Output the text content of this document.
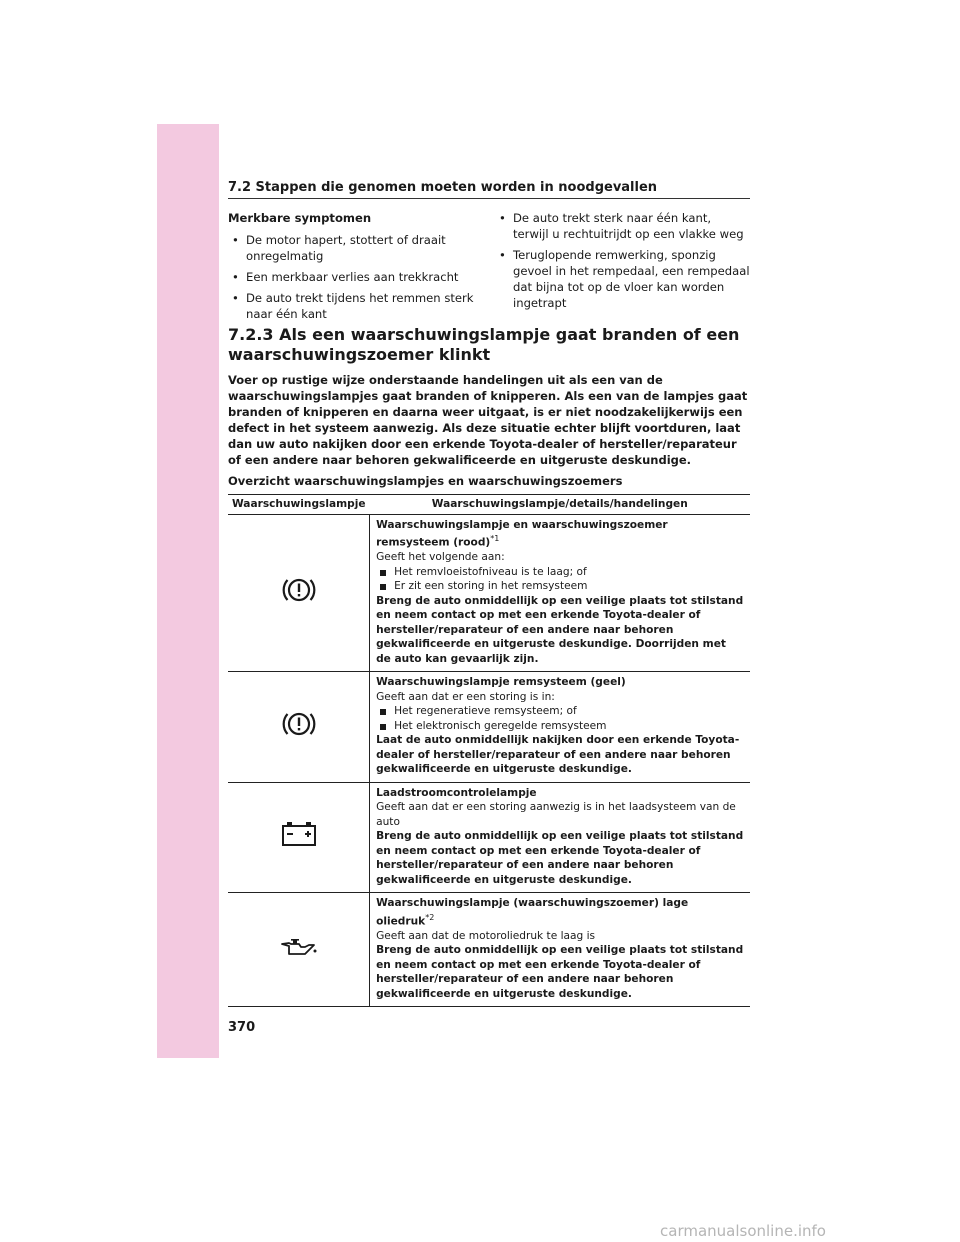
7.2 Stappen die genomen moeten worden in noodgevallen
Merkbare symptomen
• De motor hapert, stottert of draait onregelmatig
• Een merkbaar verlies aan trekkracht
• De auto trekt tijdens het remmen sterk naar één kant
• De auto trekt sterk naar één kant, terwijl u rechtuitrijdt op een vlakke weg
• Teruglopende remwerking, sponzig gevoel in het rempedaal, een rempedaal dat bijna tot op de vloer kan worden ingetrapt
7.2.3 Als een waarschuwingslampje gaat branden of een waarschuwingszoemer klinkt
Voer op rustige wijze onderstaande handelingen uit als een van de waarschuwingslampjes gaat branden of knipperen. Als een van de lampjes gaat branden of knipperen en daarna weer uitgaat, is er niet noodzakelijkerwijs een defect in het systeem aanwezig. Als deze situatie echter blijft voortduren, laat dan uw auto nakijken door een erkende Toyota-dealer of hersteller/reparateur of een andere naar behoren gekwalificeerde en uitgeruste deskundige.
Overzicht waarschuwingslampjes en waarschuwingszoemers
Waarschuwingslampje	Waarschuwingslampje/details/handelingen
	Waarschuwingslampje en waarschuwingszoemer remsysteem (rood)$^{*1}$
Geeft het volgende aan:
Het remvloeistofniveau is te laag; of
Er zit een storing in het remsysteem
Breng de auto onmiddellijk op een veilige plaats tot stilstand en neem contact op met een erkende Toyota-dealer of hersteller/reparateur of een andere naar behoren gekwalificeerde en uitgeruste deskundige. Doorrijden met de auto kan gevaarlijk zijn.

	Waarschuwingslampje remsysteem (geel)
Geeft aan dat er een storing is in:
Het regeneratieve remsysteem; of
Het elektronisch geregelde remsysteem
Laat de auto onmiddellijk nakijken door een erkende Toyota-dealer of hersteller/reparateur of een andere naar behoren gekwalificeerde en uitgeruste deskundige.

	Laadstroomcontrolelampje
Geeft aan dat er een storing aanwezig is in het laadsysteem van de auto
Breng de auto onmiddellijk op een veilige plaats tot stilstand en neem contact op met een erkende Toyota-dealer of hersteller/reparateur of een andere naar behoren gekwalificeerde en uitgeruste deskundige.

	Waarschuwingslampje (waarschuwingszoemer) lage oliedruk$^{*2}$
Geeft aan dat de motoroliedruk te laag is
Breng de auto onmiddellijk op een veilige plaats tot stilstand en neem contact op met een erkende Toyota-dealer of hersteller/reparateur of een andere naar behoren gekwalificeerde en uitgeruste deskundige.
370
carmanualsonline.info
